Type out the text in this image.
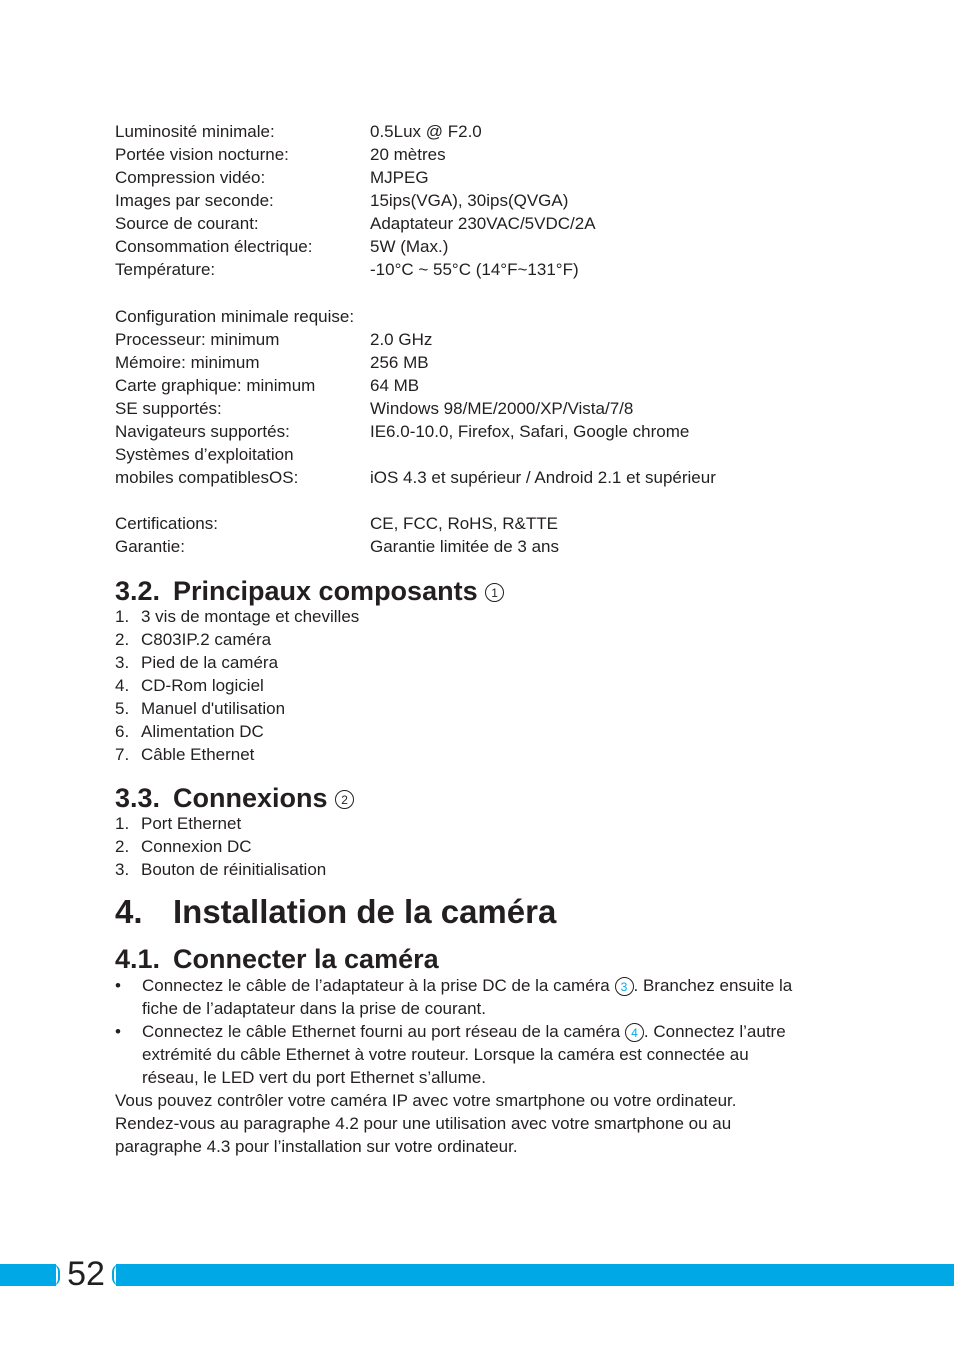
Luminosité minimale:	0.5Lux @ F2.0
Portée vision nocturne:	20 mètres
Compression vidéo:	MJPEG
Images par seconde:	15ips(VGA), 30ips(QVGA)
Source de courant:	Adaptateur 230VAC/5VDC/2A
Consommation électrique:	5W (Max.)
Température:	-10°C ~ 55°C (14°F~131°F)
Configuration minimale requise:
Processeur: minimum	2.0 GHz
Mémoire: minimum	256 MB
Carte graphique: minimum	64 MB
SE supportés:	Windows 98/ME/2000/XP/Vista/7/8
Navigateurs supportés:	IE6.0-10.0, Firefox, Safari, Google chrome
Systèmes d’exploitation
mobiles compatiblesOS:	iOS 4.3 et supérieur / Android 2.1 et supérieur
Certifications:	CE, FCC, RoHS, R&TTE
Garantie:	Garantie limitée de 3 ans
3.2. Principaux composants 1
1. 3 vis de montage et chevilles
2. C803IP.2 caméra
3. Pied de la caméra
4. CD-Rom logiciel
5. Manuel d'utilisation
6. Alimentation DC
7. Câble Ethernet
3.3. Connexions 2
1. Port Ethernet
2. Connexion DC
3. Bouton de réinitialisation
4. Installation de la caméra
4.1. Connecter la caméra
• Connectez le câble de l’adaptateur à la prise DC de la caméra 3 . Branchez ensuite la
fiche de l’adaptateur dans la prise de courant.
• Connectez le câble Ethernet fourni au port réseau de la caméra 4 . Connectez l’autre
extrémité du câble Ethernet à votre routeur. Lorsque la caméra est connectée au
réseau, le LED vert du port Ethernet s’allume.
Vous pouvez contrôler votre caméra IP avec votre smartphone ou votre ordinateur.
Rendez-vous au paragraphe 4.2 pour une utilisation avec votre smartphone ou au
paragraphe 4.3 pour l’installation sur votre ordinateur.
52
